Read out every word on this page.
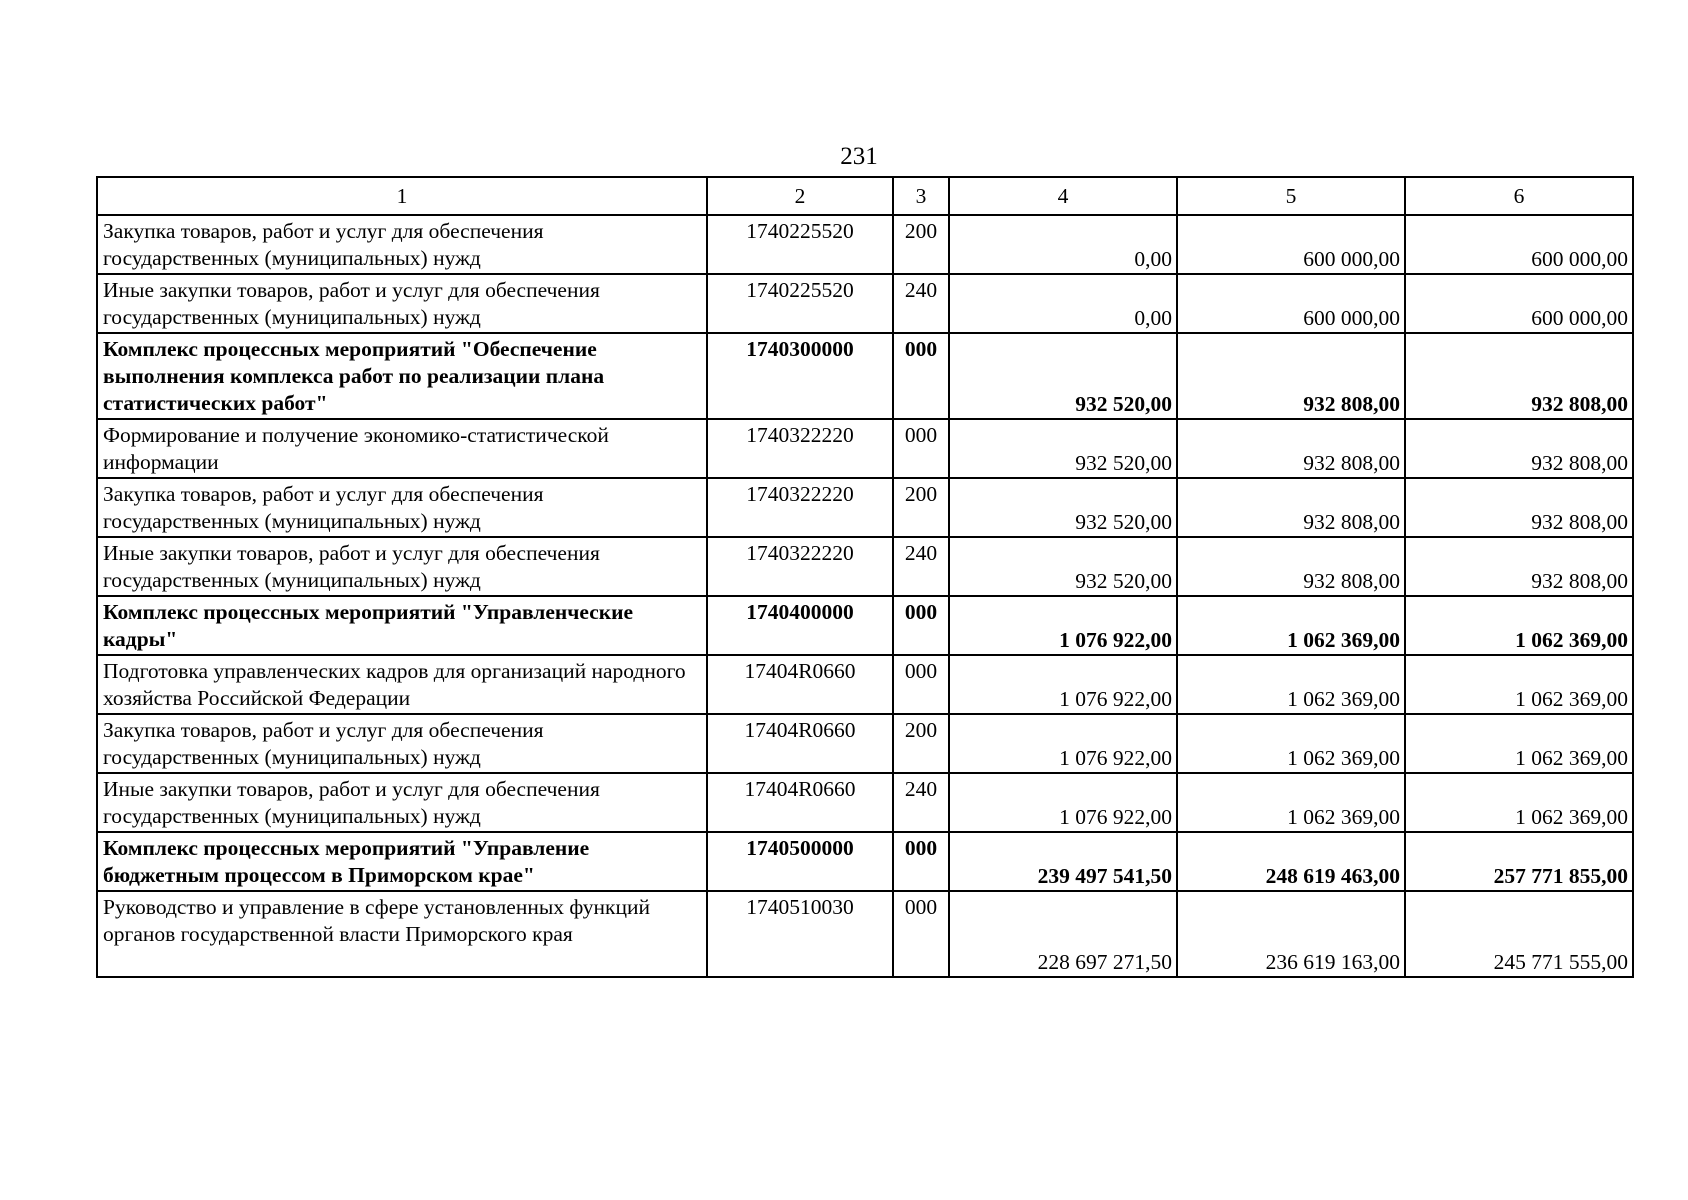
231
1	2	3	4	5	6
Закупка товаров, работ и услуг для обеспечения государственных (муниципальных) нужд	1740225520	200	0,00	600 000,00	600 000,00
Иные закупки товаров, работ и услуг для обеспечения государственных (муниципальных) нужд	1740225520	240	0,00	600 000,00	600 000,00
Комплекс процессных мероприятий "Обеспечение выполнения комплекса работ по реализации плана статистических работ"	1740300000	000	932 520,00	932 808,00	932 808,00
Формирование и получение экономико-статистической информации	1740322220	000	932 520,00	932 808,00	932 808,00
Закупка товаров, работ и услуг для обеспечения государственных (муниципальных) нужд	1740322220	200	932 520,00	932 808,00	932 808,00
Иные закупки товаров, работ и услуг для обеспечения государственных (муниципальных) нужд	1740322220	240	932 520,00	932 808,00	932 808,00
Комплекс процессных мероприятий "Управленческие кадры"	1740400000	000	1 076 922,00	1 062 369,00	1 062 369,00
Подготовка управленческих кадров для организаций народного хозяйства Российской Федерации	17404R0660	000	1 076 922,00	1 062 369,00	1 062 369,00
Закупка товаров, работ и услуг для обеспечения государственных (муниципальных) нужд	17404R0660	200	1 076 922,00	1 062 369,00	1 062 369,00
Иные закупки товаров, работ и услуг для обеспечения государственных (муниципальных) нужд	17404R0660	240	1 076 922,00	1 062 369,00	1 062 369,00
Комплекс процессных мероприятий "Управление бюджетным процессом в Приморском крае"	1740500000	000	239 497 541,50	248 619 463,00	257 771 855,00
Руководство и управление в сфере установленных функций органов государственной власти Приморского края	1740510030	000	228 697 271,50	236 619 163,00	245 771 555,00
